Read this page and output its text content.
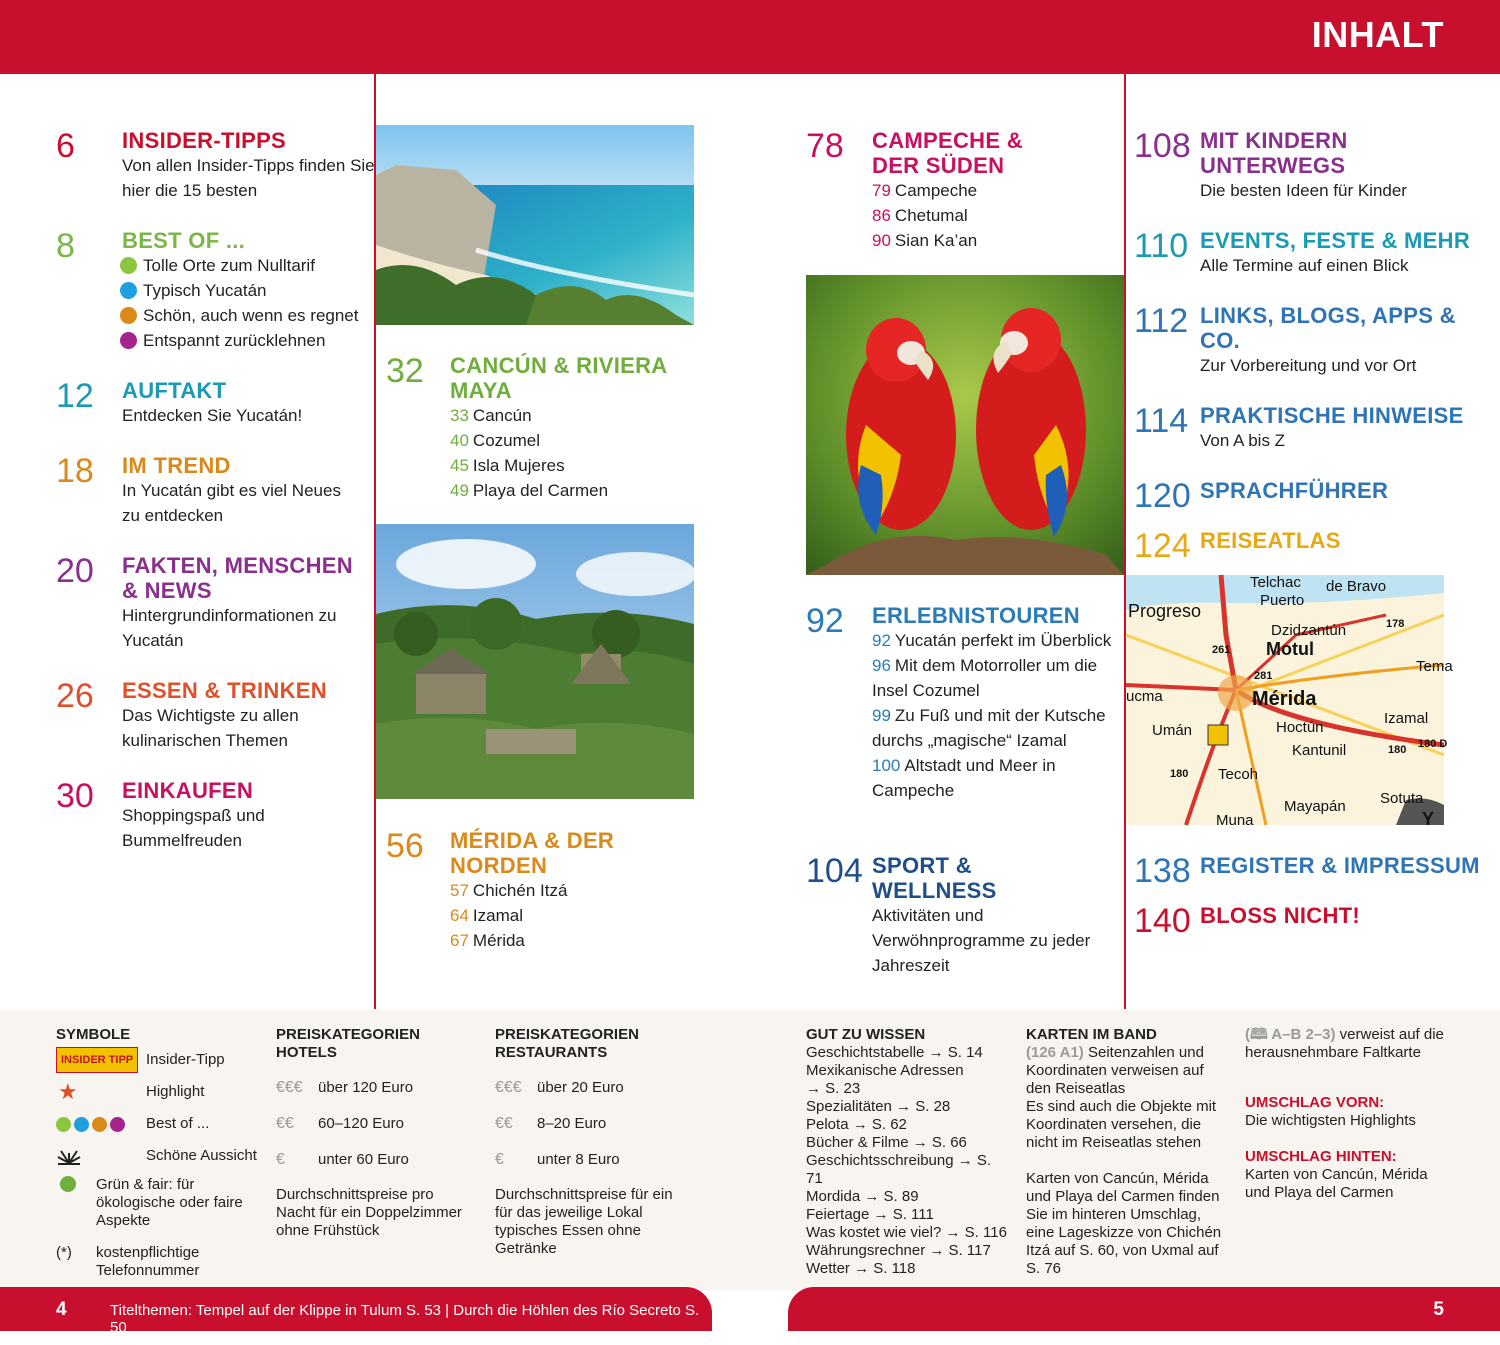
INHALT
6 INSIDER-TIPPS
Von allen Insider-Tipps finden Sie hier die 15 besten
8 BEST OF ...
Tolle Orte zum Nulltarif
Typisch Yucatán
Schön, auch wenn es regnet
Entspannt zurücklehnen
12 AUFTAKT
Entdecken Sie Yucatán!
18 IM TREND
In Yucatán gibt es viel Neues zu entdecken
20 FAKTEN, MENSCHEN & NEWS
Hintergrundinformationen zu Yucatán
26 ESSEN & TRINKEN
Das Wichtigste zu allen kulinarischen Themen
30 EINKAUFEN
Shoppingspaß und Bummelfreuden
32 CANCÚN & RIVIERA MAYA
33 Cancún
40 Cozumel
45 Isla Mujeres
49 Playa del Carmen
56 MÉRIDA & DER NORDEN
57 Chichén Itzá
64 Izamal
67 Mérida
78 CAMPECHE & DER SÜDEN
79 Campeche
86 Chetumal
90 Sian Ka’an
92 ERLEBNISTOUREN
92 Yucatán perfekt im Überblick
96 Mit dem Motorroller um die Insel Cozumel
99 Zu Fuß und mit der Kutsche durchs „magische“ Izamal
100 Altstadt und Meer in Campeche
104 SPORT & WELLNESS
Aktivitäten und Verwöhnprogramme zu jeder Jahreszeit
108 MIT KINDERN UNTERWEGS
Die besten Ideen für Kinder
110 EVENTS, FESTE & MEHR
Alle Termine auf einen Blick
112 LINKS, BLOGS, APPS & CO.
Zur Vorbereitung und vor Ort
114 PRAKTISCHE HINWEISE
Von A bis Z
120 SPRACHFÜHRER
124 REISEATLAS
Telchac de Bravo
Puerto
Progreso
Dzidzantún	178
261 Motul
Tema
281
Mérida
ucma
Izamal
Umán	Hoctún
Kantunil	180 180 D
180 Tecoh
Mayapán Sotuta
Muna	Y
138 REGISTER & IMPRESSUM
140 BLOSS NICHT!
SYMBOLE
INSIDER TIPP Insider-Tipp
★	Highlight
Best of ...
Schöne Aussicht
Grün & fair: für ökologische oder faire Aspekte
(*)	kostenpflichtige Telefonnummer
PREISKATEGORIEN HOTELS
€€€	über 120 Euro
€€	60–120 Euro
€	unter 60 Euro
Durchschnittspreise pro Nacht für ein Doppelzimmer ohne Frühstück
PREISKATEGORIEN RESTAURANTS
€€€	über 20 Euro
€€	8–20 Euro
€	unter 8 Euro
Durchschnittspreise für ein für das jeweilige Lokal typisches Essen ohne Getränke
GUT ZU WISSEN
Geschichtstabelle → S. 14
Mexikanische Adressen
→ S. 23
Spezialitäten → S. 28
Pelota → S. 62
Bücher & Filme → S. 66
Geschichtsschreibung → S. 71
Mordida → S. 89
Feiertage → S. 111
Was kostet wie viel? → S. 116
Währungsrechner → S. 117
Wetter → S. 118
KARTEN IM BAND
(126 A1) Seitenzahlen und Koordinaten verweisen auf den Reiseatlas
Es sind auch die Objekte mit Koordinaten versehen, die nicht im Reiseatlas stehen
Karten von Cancún, Mérida und Playa del Carmen finden Sie im hinteren Umschlag, eine Lageskizze von Chichén Itzá auf S. 60, von Uxmal auf S. 76
(🕮 A–B 2–3) verweist auf die herausnehmbare Faltkarte
UMSCHLAG VORN:
Die wichtigsten Highlights
UMSCHLAG HINTEN:
Karten von Cancún, Mérida und Playa del Carmen
4	Titelthemen: Tempel auf der Klippe in Tulum S. 53 | Durch die Höhlen des Río Secreto S. 50
5
